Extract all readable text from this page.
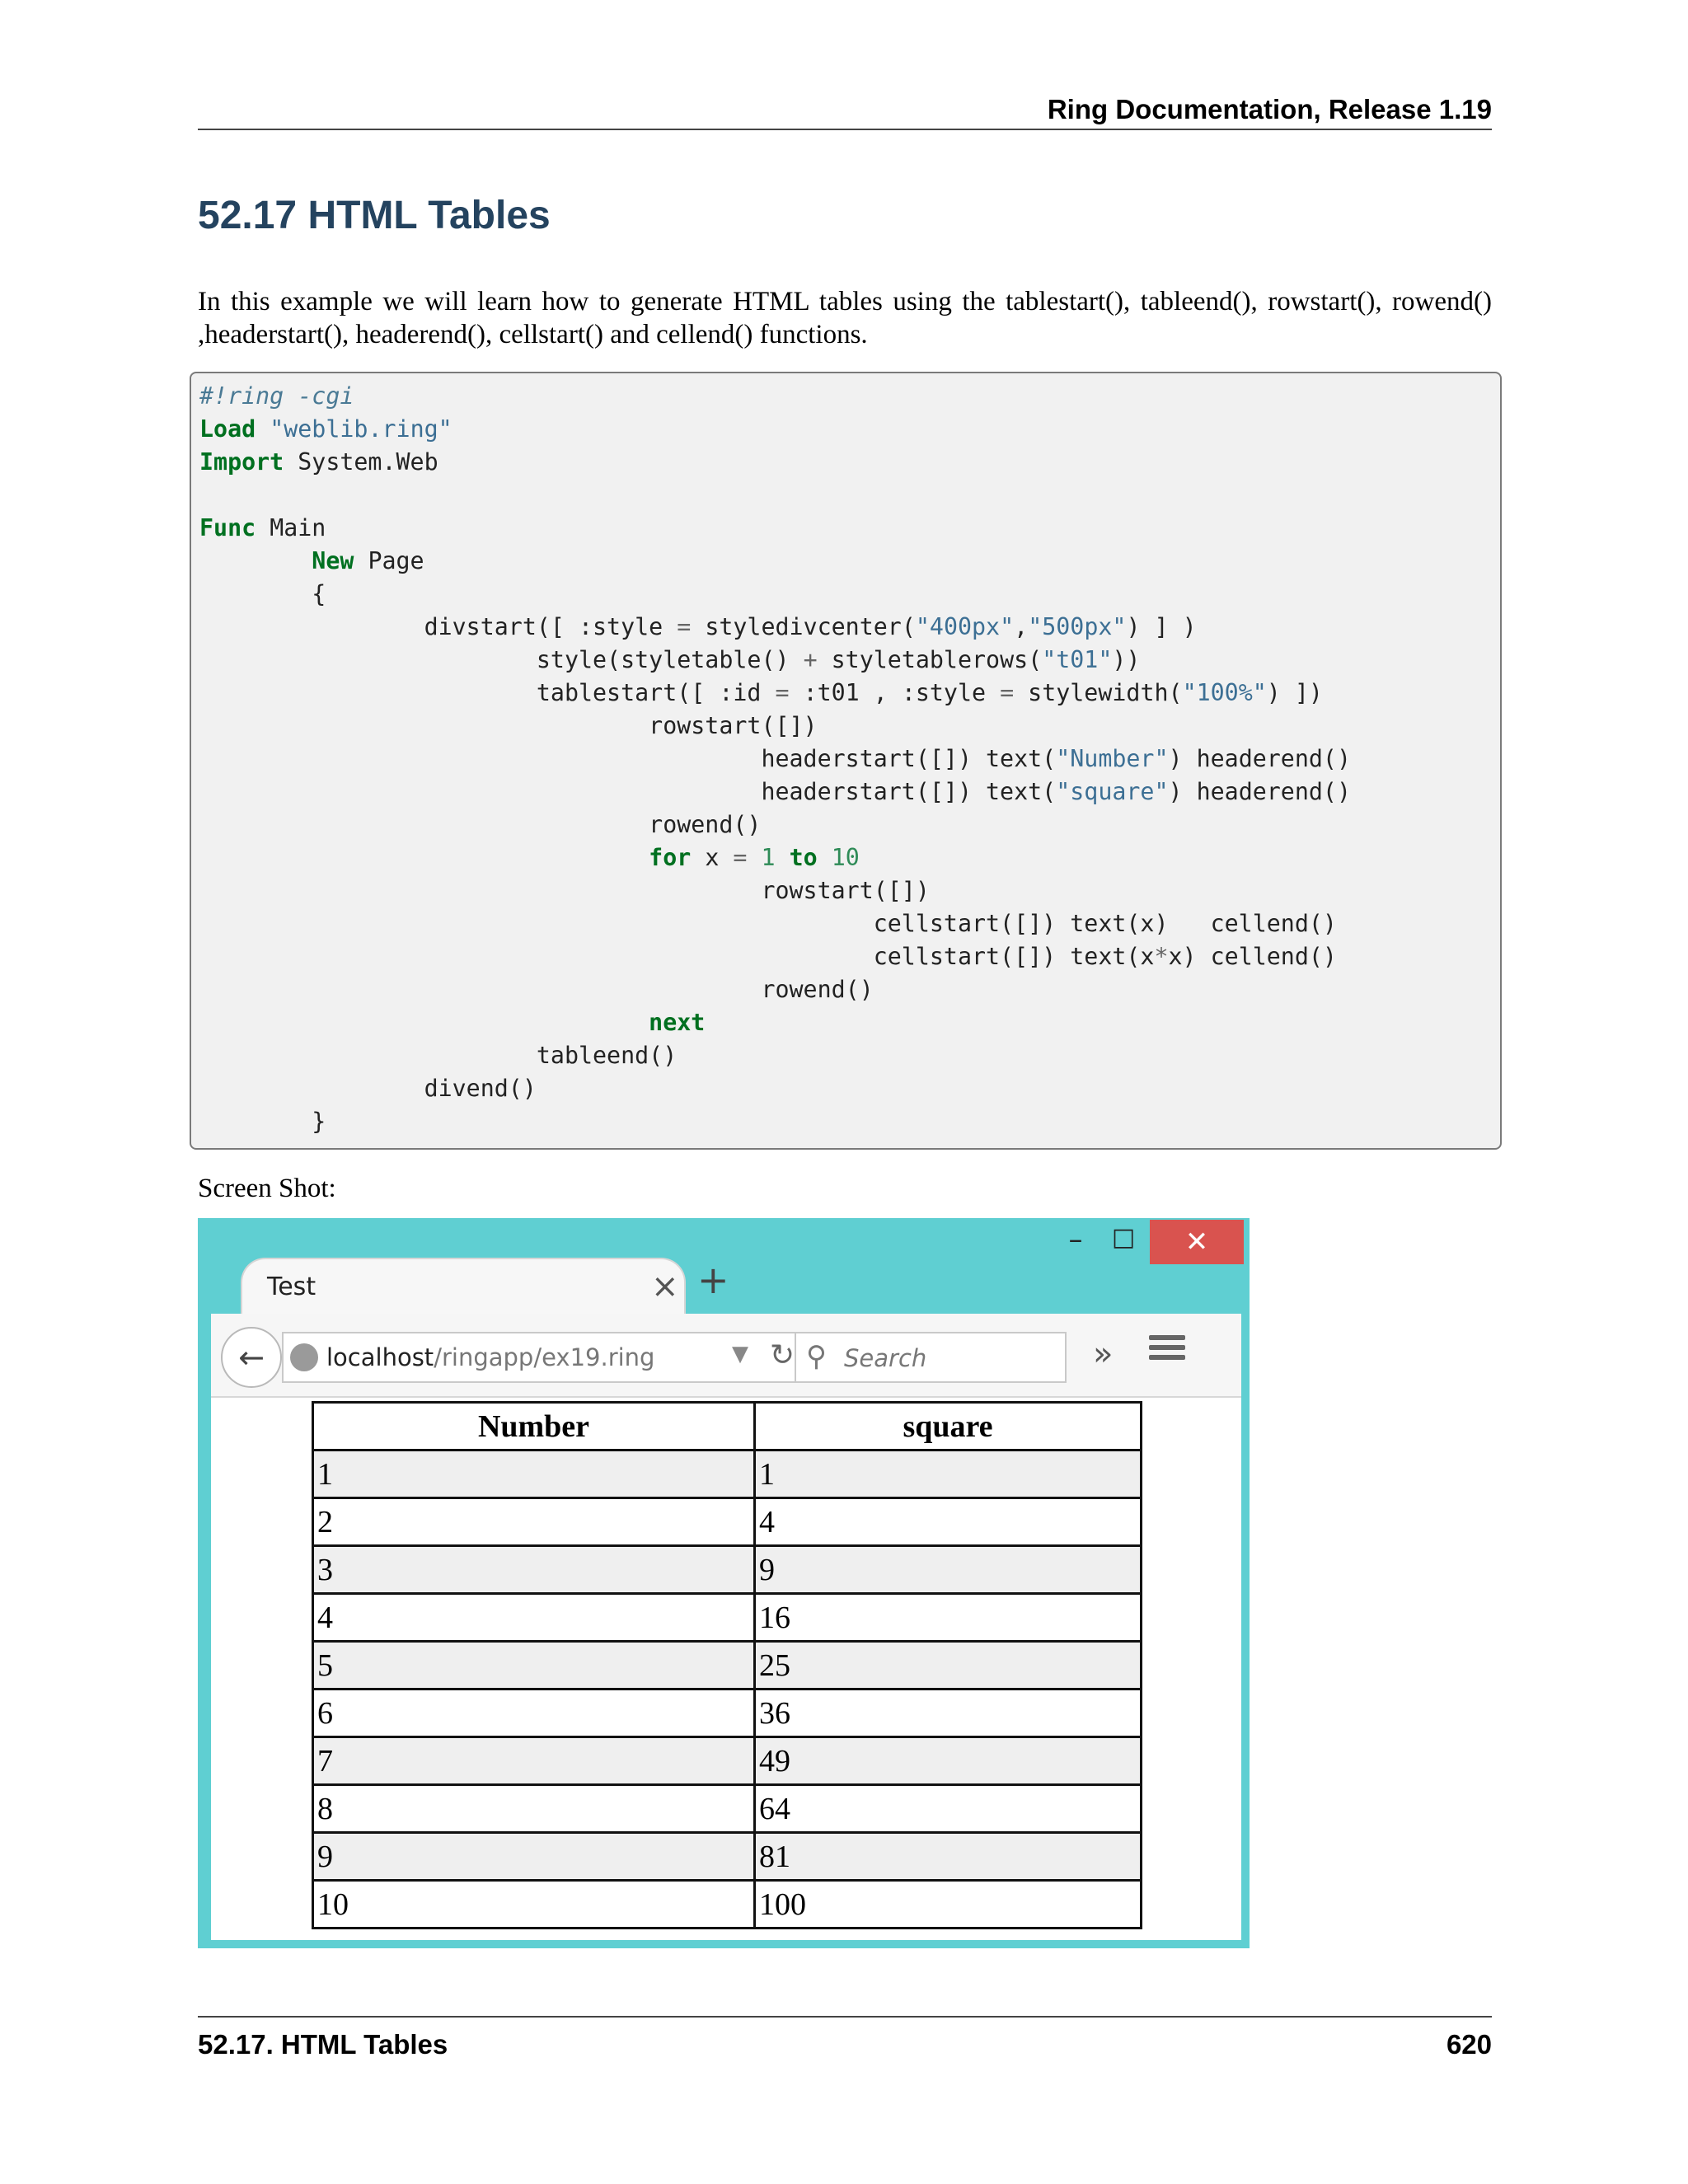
Ring Documentation, Release 1.19
52.17 HTML Tables
In this example we will learn how to generate HTML tables using the tablestart(), tableend(), rowstart(), rowend() ,headerstart(), headerend(), cellstart() and cellend() functions.
#!ring -cgi
Load "weblib.ring"
Import System.Web
Func Main
New Page
{
divstart([ :style = styledivcenter("400px","500px") ] )
style(styletable() + styletablerows("t01"))
tablestart([ :id = :t01 , :style = stylewidth("100%") ])
rowstart([])
headerstart([]) text("Number") headerend()
headerstart([]) text("square") headerend()
rowend()
for x = 1 to 10
rowstart([])
cellstart([]) text(x)   cellend()
cellstart([]) text(x*x) cellend()
rowend()
next
tableend()
divend()
}
Screen Shot:
–	□	✕
Test	× +
←	localhost/ringapp/ex19.ring	▼ ↻ ⚲
Search	»
Number	square
1	1
2	4
3	9
4	16
5	25
6	36
7	49
8	64
9	81
10	100
52.17. HTML Tables	620
